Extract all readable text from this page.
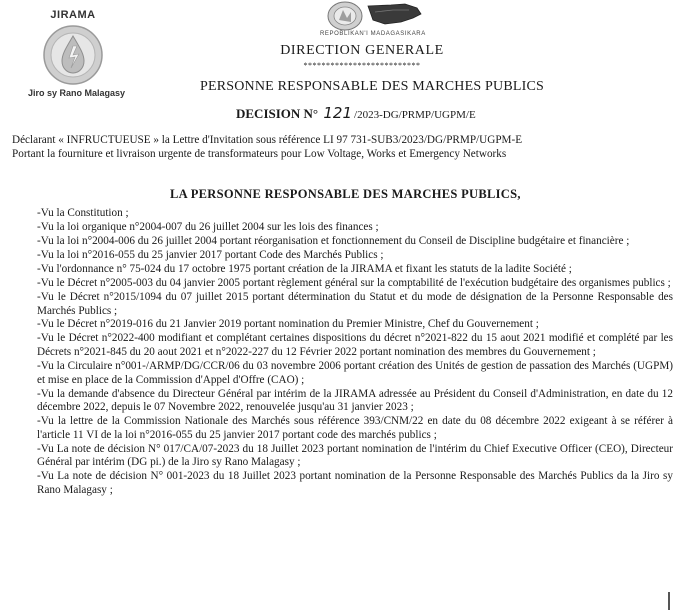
JIRAMA
Jiro sy Rano Malagasy
REPOBLIKAN'I MADAGASIKARA
DIRECTION GENERALE
**************************
PERSONNE RESPONSABLE DES MARCHES PUBLICS
DECISION N° 121 /2023-DG/PRMP/UGPM/E
Déclarant « INFRUCTUEUSE » la Lettre d'Invitation sous référence LI 97 731-SUB3/2023/DG/PRMP/UGPM-E
Portant la fourniture et livraison urgente de transformateurs pour Low Voltage, Works et Emergency Networks
LA PERSONNE RESPONSABLE DES MARCHES PUBLICS,

-Vu la Constitution ;

-Vu la loi organique n°2004-007 du 26 juillet 2004 sur les lois des finances ;

-Vu la loi n°2004-006 du 26 juillet 2004 portant réorganisation et fonctionnement du Conseil de Discipline budgétaire et financière ;

-Vu la loi n°2016-055 du 25 janvier 2017 portant Code des Marchés Publics ;

-Vu l'ordonnance n° 75-024 du 17 octobre 1975 portant création de la JIRAMA et fixant les statuts de la ladite Société ;

-Vu le Décret n°2005-003 du 04 janvier 2005 portant règlement général sur la comptabilité de l'exécution budgétaire des organismes publics ;

-Vu le Décret n°2015/1094 du 07 juillet 2015 portant détermination du Statut et du mode de désignation de la Personne Responsable des Marchés Publics ;

-Vu le Décret n°2019-016 du 21 Janvier 2019 portant nomination du Premier Ministre, Chef du Gouvernement ;

-Vu le Décret n°2022-400 modifiant et complétant certaines dispositions du décret n°2021-822 du 15 aout 2021 modifié et complété par les Décrets n°2021-845 du 20 aout 2021 et n°2022-227 du 12 Février 2022 portant nomination des membres du Gouvernement ;

-Vu la Circulaire n°001-/ARMP/DG/CCR/06 du 03 novembre 2006 portant création des Unités de gestion de passation des Marchés (UGPM) et mise en place de la Commission d'Appel d'Offre (CAO) ;

-Vu la demande d'absence du Directeur Général par intérim de la JIRAMA adressée au Président du Conseil d'Administration, en date du 12 décembre 2022, depuis le 07 Novembre 2022, renouvelée jusqu'au 31 janvier 2023 ;

-Vu la lettre de la Commission Nationale des Marchés sous référence 393/CNM/22 en date du 08 décembre 2022 exigeant à se référer à l'article 11 VI de la loi n°2016-055 du 25 janvier 2017 portant code des marchés publics ;

-Vu La note de décision N° 017/CA/07-2023 du 18 Juillet 2023 portant nomination de l'intérim du Chief Executive Officer (CEO), Directeur Général par intérim (DG pi.) de la Jiro sy Rano Malagasy ;

-Vu La note de décision N° 001-2023 du 18 Juillet 2023 portant nomination de la Personne Responsable des Marchés Publics da la Jiro sy Rano Malagasy ;
